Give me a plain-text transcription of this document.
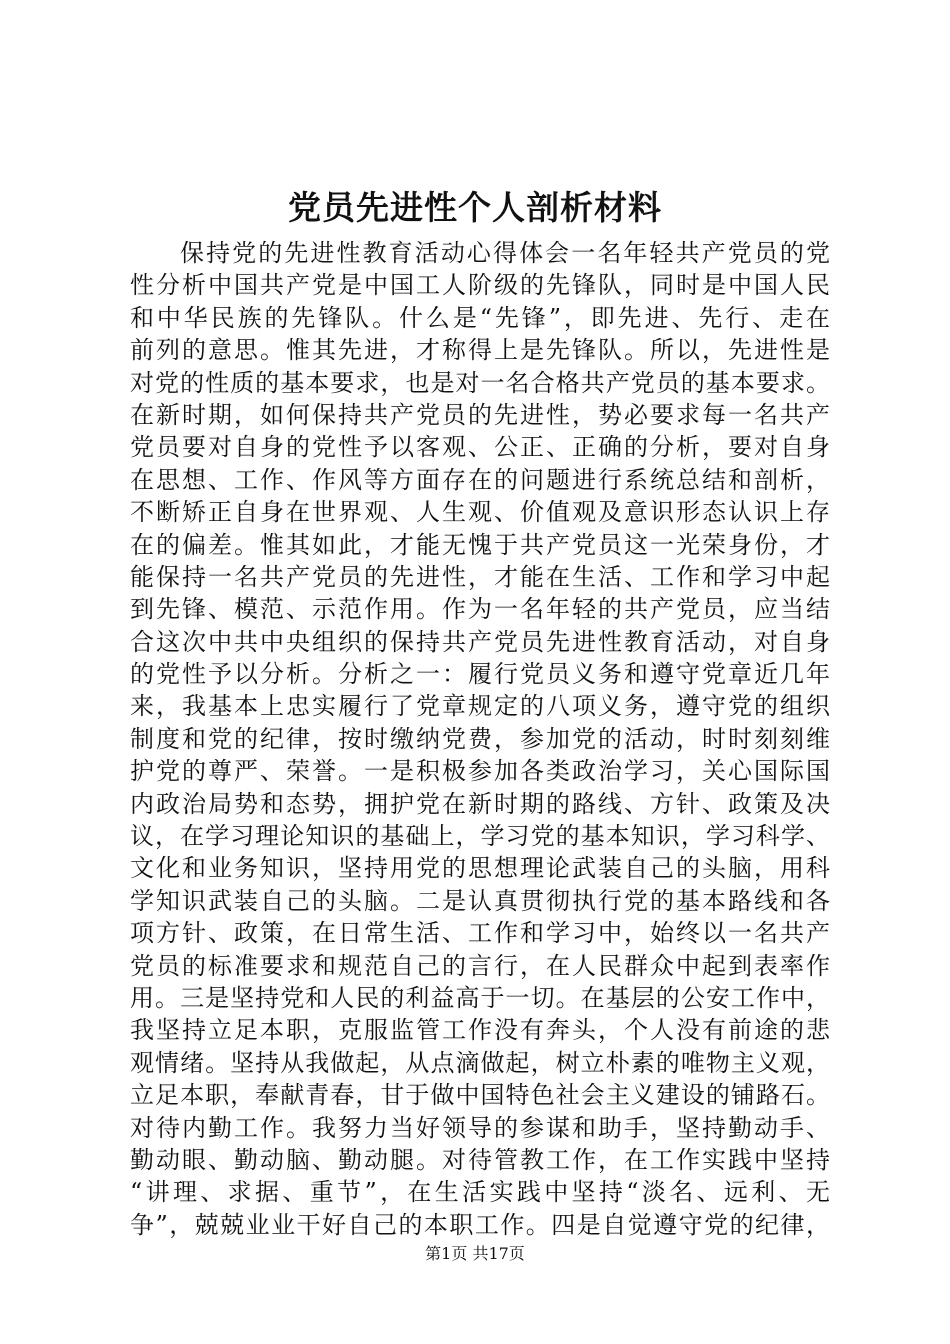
党员先进性个人剖析材料
保持党的先进性教育活动心得体会一名年轻共产党员的党
性分析中国共产党是中国工人阶级的先锋队，同时是中国人民
和中华民族的先锋队。什么是“先锋”，即先进、先行、走在
前列的意思。惟其先进，才称得上是先锋队。所以，先进性是
对党的性质的基本要求，也是对一名合格共产党员的基本要求。
在新时期，如何保持共产党员的先进性，势必要求每一名共产
党员要对自身的党性予以客观、公正、正确的分析，要对自身
在思想、工作、作风等方面存在的问题进行系统总结和剖析，
不断矫正自身在世界观、人生观、价值观及意识形态认识上存
在的偏差。惟其如此，才能无愧于共产党员这一光荣身份，才
能保持一名共产党员的先进性，才能在生活、工作和学习中起
到先锋、模范、示范作用。作为一名年轻的共产党员，应当结
合这次中共中央组织的保持共产党员先进性教育活动，对自身
的党性予以分析。分析之一：履行党员义务和遵守党章近几年
来，我基本上忠实履行了党章规定的八项义务，遵守党的组织
制度和党的纪律，按时缴纳党费，参加党的活动，时时刻刻维
护党的尊严、荣誉。一是积极参加各类政治学习，关心国际国
内政治局势和态势，拥护党在新时期的路线、方针、政策及决
议，在学习理论知识的基础上，学习党的基本知识，学习科学、
文化和业务知识，坚持用党的思想理论武装自己的头脑，用科
学知识武装自己的头脑。二是认真贯彻执行党的基本路线和各
项方针、政策，在日常生活、工作和学习中，始终以一名共产
党员的标准要求和规范自己的言行，在人民群众中起到表率作
用。三是坚持党和人民的利益高于一切。在基层的公安工作中，
我坚持立足本职，克服监管工作没有奔头，个人没有前途的悲
观情绪。坚持从我做起，从点滴做起，树立朴素的唯物主义观，
立足本职，奉献青春，甘于做中国特色社会主义建设的铺路石。
对待内勤工作。我努力当好领导的参谋和助手，坚持勤动手、
勤动眼、勤动脑、勤动腿。对待管教工作，在工作实践中坚持
“讲理、求据、重节”，在生活实践中坚持“淡名、远利、无
争”，兢兢业业干好自己的本职工作。四是自觉遵守党的纪律，
第1页 共17页
